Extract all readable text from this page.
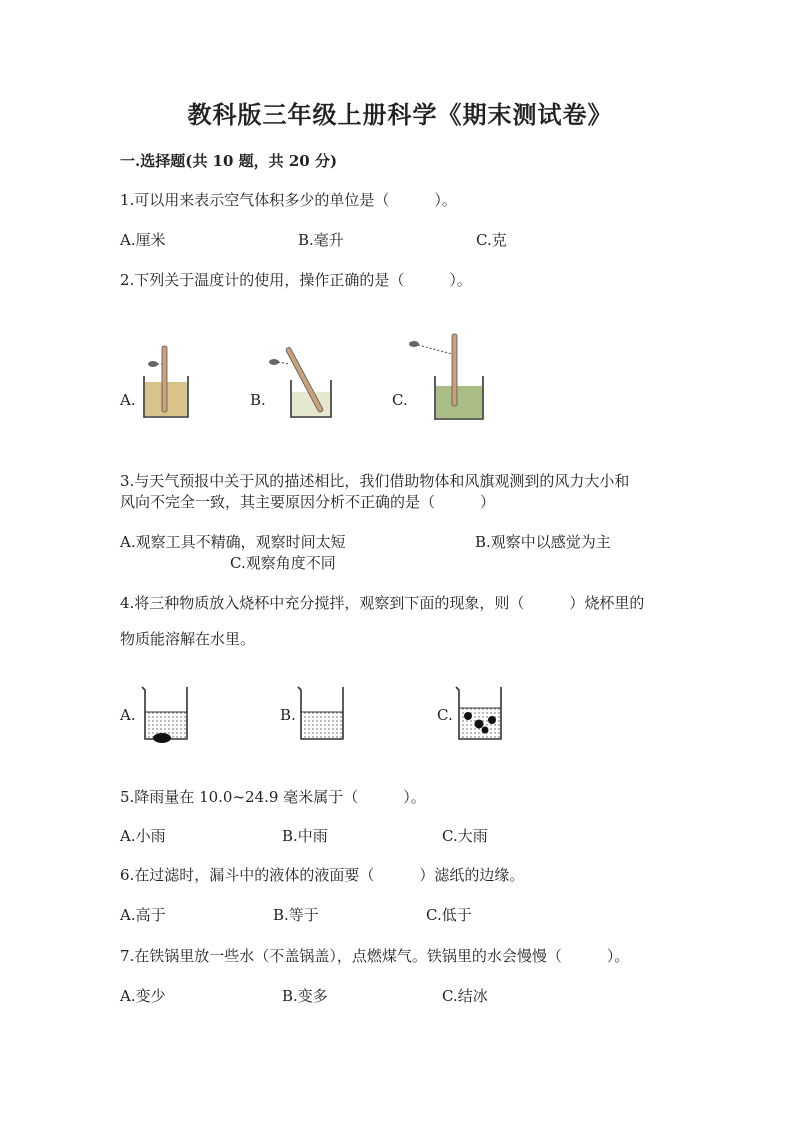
教科版三年级上册科学《期末测试卷》
一.选择题(共 10 题，共 20 分)
1.可以用来表示空气体积多少的单位是（　　　）。
A.厘米	B.毫升	C.克
2.下列关于温度计的使用，操作正确的是（　　　）。
A.	B.	C.
3.与天气预报中关于风的描述相比，我们借助物体和风旗观测到的风力大小和
风向不完全一致，其主要原因分析不正确的是（　　　）
A.观察工具不精确，观察时间太短	B.观察中以感觉为主
C.观察角度不同
4.将三种物质放入烧杯中充分搅拌，观察到下面的现象，则（　　　）烧杯里的
物质能溶解在水里。
A.	B.	C.
5.降雨量在 10.0~24.9 毫米属于（　　　）。
A.小雨	B.中雨	C.大雨
6.在过滤时，漏斗中的液体的液面要（　　　）滤纸的边缘。
A.高于	B.等于	C.低于
7.在铁锅里放一些水（不盖锅盖），点燃煤气。铁锅里的水会慢慢（　　　）。
A.变少	B.变多	C.结冰
